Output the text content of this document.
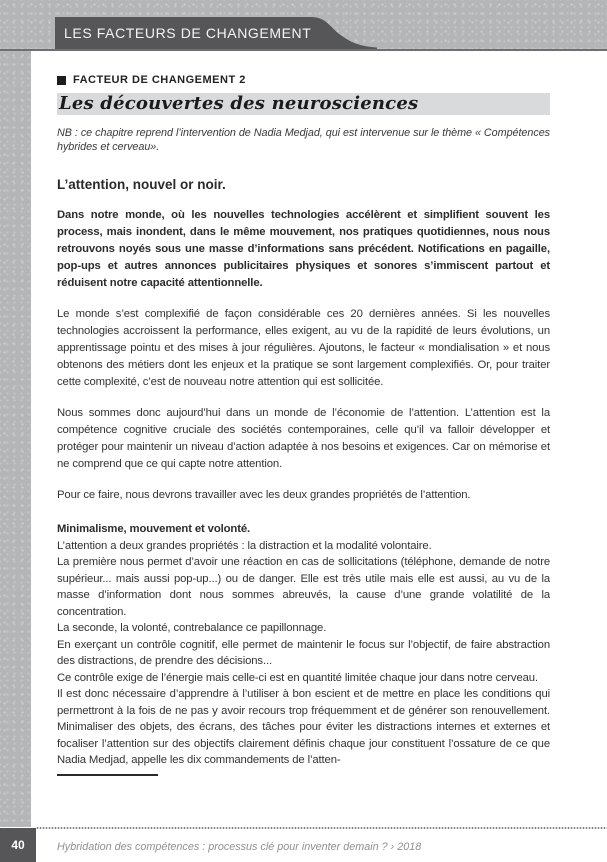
LES FACTEURS DE CHANGEMENT
FACTEUR DE CHANGEMENT 2
Les découvertes des neurosciences
NB : ce chapitre reprend l’intervention de Nadia Medjad, qui est intervenue sur le thème « Compétences hybrides et cerveau».
L’attention, nouvel or noir.

Dans notre monde, où les nouvelles technologies accélèrent et simplifient souvent les process, mais inondent, dans le même mouvement, nos pratiques quotidiennes, nous nous retrouvons noyés sous une masse d’informations sans précédent. Notifications en pagaille, pop-ups et autres annonces publicitaires physiques et sonores s’immiscent partout et réduisent notre capacité attentionnelle.

Le monde s’est complexifié de façon considérable ces 20 dernières années. Si les nouvelles technologies accroissent la performance, elles exigent, au vu de la rapidité de leurs évolutions, un apprentissage pointu et des mises à jour régulières. Ajoutons, le facteur « mondialisation » et nous obtenons des métiers dont les enjeux et la pratique se sont largement complexifiés. Or, pour traiter cette complexité, c’est de nouveau notre attention qui est sollicitée.

Nous sommes donc aujourd’hui dans un monde de l’économie de l’attention. L’attention est la compétence cognitive cruciale des sociétés contemporaines, celle qu’il va falloir développer et protéger pour maintenir un niveau d’action adaptée à nos besoins et exigences. Car on mémorise et ne comprend que ce qui capte notre attention.

Pour ce faire, nous devrons travailler avec les deux grandes propriétés de l’attention.

Minimalisme, mouvement et volonté.

L’attention a deux grandes propriétés : la distraction et la modalité volontaire.

La première nous permet d’avoir une réaction en cas de sollicitations (téléphone, demande de notre supérieur... mais aussi pop-up...) ou de danger. Elle est très utile mais elle est aussi, au vu de la masse d’information dont nous sommes abreuvés, la cause d’une grande volatilité de la concentration.

La seconde, la volonté, contrebalance ce papillonnage.

En exerçant un contrôle cognitif, elle permet de maintenir le focus sur l’objectif, de faire abstraction des distractions, de prendre des décisions...

Ce contrôle exige de l’énergie mais celle-ci est en quantité limitée chaque jour dans notre cerveau.

Il est donc nécessaire d’apprendre à l’utiliser à bon escient et de mettre en place les conditions qui permettront à la fois de ne pas y avoir recours trop fréquemment et de générer son renouvellement. Minimaliser des objets, des écrans, des tâches pour éviter les distractions internes et externes et focaliser l’attention sur des objectifs clairement définis chaque jour constituent l’ossature de ce que Nadia Medjad, appelle les dix commandements de l’atten-

40	Hybridation des compétences : processus clé pour inventer demain ? › 2018
